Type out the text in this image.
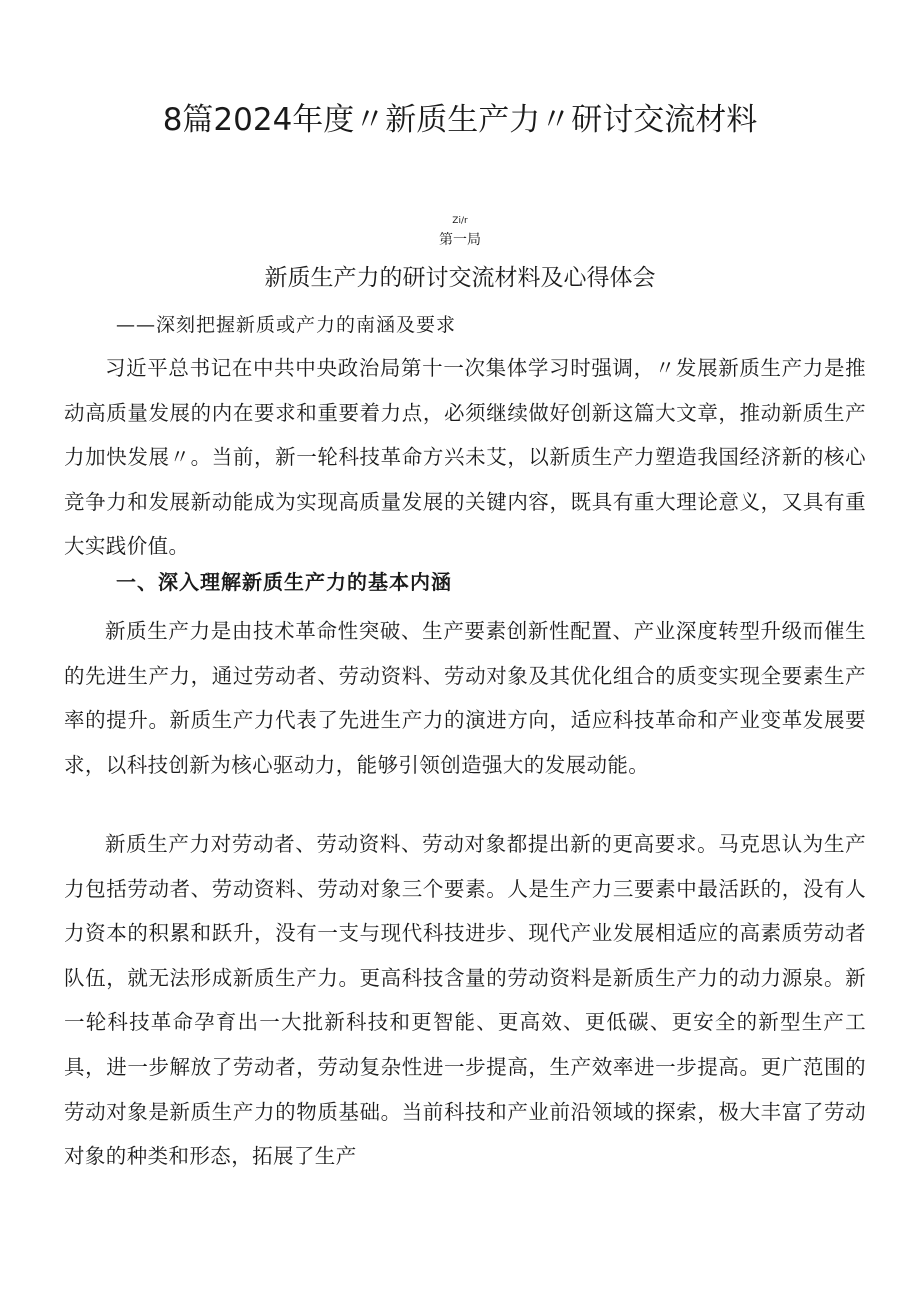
8篇2024年度〃新质生产力〃研讨交流材料
Zi/r
第一局
新质生产力的研讨交流材料及心得体会
——深刻把握新质或产力的南涵及要求

习近平总书记在中共中央政治局第十一次集体学习时强调，〃发展新质生产力是推动高质量发展的内在要求和重要着力点，必须继续做好创新这篇大文章，推动新质生产力加快发展〃。当前，新一轮科技革命方兴未艾，以新质生产力塑造我国经济新的核心竞争力和发展新动能成为实现高质量发展的关键内容，既具有重大理论意义，又具有重大实践价值。

一、深入理解新质生产力的基本内涵

新质生产力是由技术革命性突破、生产要素创新性配置、产业深度转型升级而催生的先进生产力，通过劳动者、劳动资料、劳动对象及其优化组合的质变实现全要素生产率的提升。新质生产力代表了先进生产力的演进方向，适应科技革命和产业变革发展要求，以科技创新为核心驱动力，能够引领创造强大的发展动能。

新质生产力对劳动者、劳动资料、劳动对象都提出新的更高要求。马克思认为生产力包括劳动者、劳动资料、劳动对象三个要素。人是生产力三要素中最活跃的，没有人力资本的积累和跃升，没有一支与现代科技进步、现代产业发展相适应的高素质劳动者队伍，就无法形成新质生产力。更高科技含量的劳动资料是新质生产力的动力源泉。新一轮科技革命孕育出一大批新科技和更智能、更高效、更低碳、更安全的新型生产工具，进一步解放了劳动者，劳动复杂性进一步提高，生产效率进一步提高。更广范围的劳动对象是新质生产力的物质基础。当前科技和产业前沿领域的探索，极大丰富了劳动对象的种类和形态，拓展了生产
